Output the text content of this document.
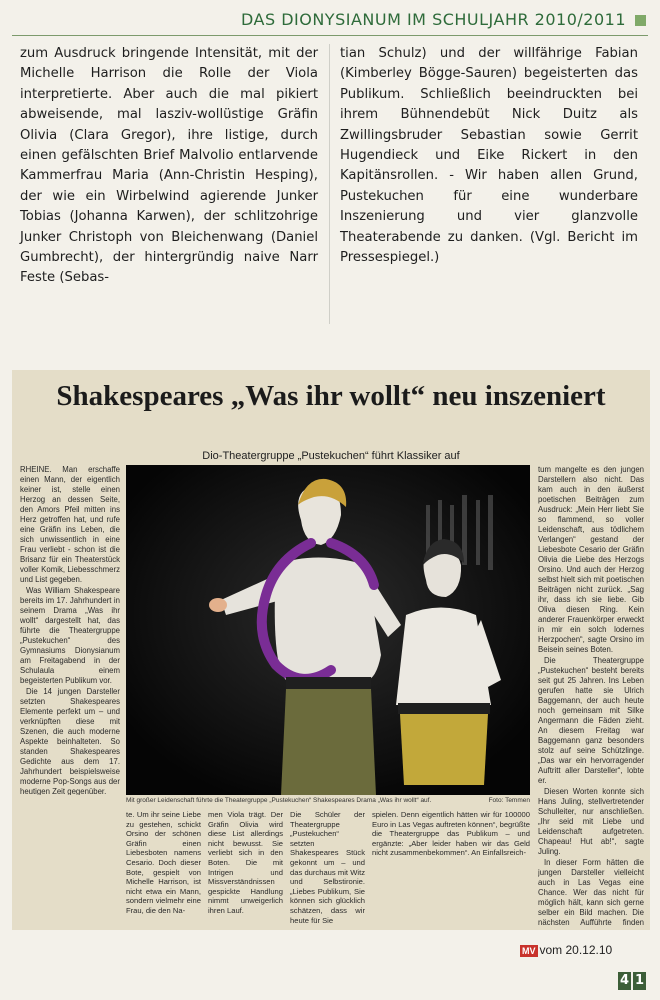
DAS DIONYSIANUM IM SCHULJAHR 2010/2011

zum Ausdruck bringende Intensität, mit der Michelle Harrison die Rolle der Viola interpretierte. Aber auch die mal pikiert abweisende, mal lasziv-wollüstige Gräfin Olivia (Clara Gregor), ihre listige, durch einen gefälschten Brief Malvolio entlarvende Kammerfrau Maria (Ann-Christin Hesping), der wie ein Wirbelwind agierende Junker Tobias (Johanna Karwen), der schlitzohrige Junker Christoph von Bleichenwang (Daniel Gumbrecht), der hintergründig naive Narr Feste (Sebas-

tian Schulz) und der willfährige Fabian (Kimberley Bögge-Sauren) begeisterten das Publikum. Schließlich beeindruckten bei ihrem Bühnendebüt Nick Duitz als Zwillingsbruder Sebastian sowie Gerrit Hugendieck und Eike Rickert in den Kapitänsrollen. - Wir haben allen Grund, Pustekuchen für eine wunderbare Inszenierung und vier glanzvolle Theaterabende zu danken. (Vgl. Bericht im Pressespiegel.)

Shakespeares „Was ihr wollt“ neu inszeniert
Dio-Theatergruppe „Pustekuchen“ führt Klassiker auf

RHEINE. Man erschaffe einen Mann, der eigentlich keiner ist, stelle einen Herzog an dessen Seite, den Amors Pfeil mitten ins Herz getroffen hat, und rufe eine Gräfin ins Leben, die sich unwissentlich in eine Frau verliebt - schon ist die Brisanz für ein Theaterstück voller Komik, Liebesschmerz und List gegeben.

Was William Shakespeare bereits im 17. Jahrhundert in seinem Drama „Was ihr wollt“ dargestellt hat, das führte die Theatergruppe „Pustekuchen“ des Gymnasiums Dionysianum am Freitagabend in der Schulaula einem begeisterten Publikum vor.

Die 14 jungen Darsteller setzten Shakespeares Elemente perfekt um – und verknüpften diese mit Szenen, die auch moderne Aspekte beinhalteten. So standen Shakespeares Gedichte aus dem 17. Jahrhundert beispielsweise moderne Pop-Songs aus der heutigen Zeit gegenüber.

Mit großer Leidenschaft führte die Theatergruppe „Pustekuchen“ Shakespeares Drama „Was ihr wollt“ auf.	Foto: Temmen

tum mangelte es den jungen Darstellern also nicht. Das kam auch in den äußerst poetischen Beiträgen zum Ausdruck: „Mein Herr liebt Sie so flammend, so voller Leidenschaft, aus tödlichem Verlangen“ gestand der Liebesbote Cesario der Gräfin Olivia die Liebe des Herzogs Orsino. Und auch der Herzog selbst hielt sich mit poetischen Beiträgen nicht zurück. „Sag ihr, dass ich sie liebe. Gib Oliva diesen Ring. Kein anderer Frauenkörper erweckt in mir ein solch lodernes Herzpochen“, sagte Orsino im Beisein seines Boten.

Die Theatergruppe „Pustekuchen“ besteht bereits seit gut 25 Jahren. Ins Leben gerufen hatte sie Ulrich Baggemann, der auch heute noch gemeinsam mit Silke Angermann die Fäden zieht. An diesem Freitag war Baggemann ganz besonders stolz auf seine Schützlinge. „Das war ein hervorragender Auftritt aller Darsteller“, lobte er.

Diesen Worten konnte sich Hans Juling, stellvertretender Schulleiter, nur anschließen. „Ihr seid mit Liebe und Leidenschaft aufgetreten. Chapeau! Hut ab!“, sagte Juling.

In dieser Form hätten die jungen Darsteller vielleicht auch in Las Vegas eine Chance. Wer das nicht für möglich hält, kann sich gerne selber ein Bild machen. Die nächsten Aufführte finden

te. Um ihr seine Liebe zu gestehen, schickt Orsino der schönen Gräfin einen Liebesboten namens Cesario. Doch dieser Bote, gespielt von Michelle Harrison, ist nicht etwa ein Mann, sondern vielmehr eine Frau, die den Na-
men Viola trägt. Der Gräfin Olivia wird diese List allerdings nicht bewusst. Sie verliebt sich in den Boten. Die mit Intrigen und Missverständnissen gespickte Handlung nimmt unweigerlich ihren Lauf.
Die Schüler der Theatergruppe „Pustekuchen“ setzten Shakespeares Stück gekonnt um – und das durchaus mit Witz und Selbstironie. „Liebes Publikum, Sie können sich glücklich schätzen, dass wir heute für Sie
spielen. Denn eigentlich hätten wir für 100000 Euro in Las Vegas auftreten können“, begrüßte die Theatergruppe das Publikum – und ergänzte: „Aber leider haben wir das Geld nicht zusammenbekommen“. An Einfallsreich-
MV vom 20.12.10
4 1
